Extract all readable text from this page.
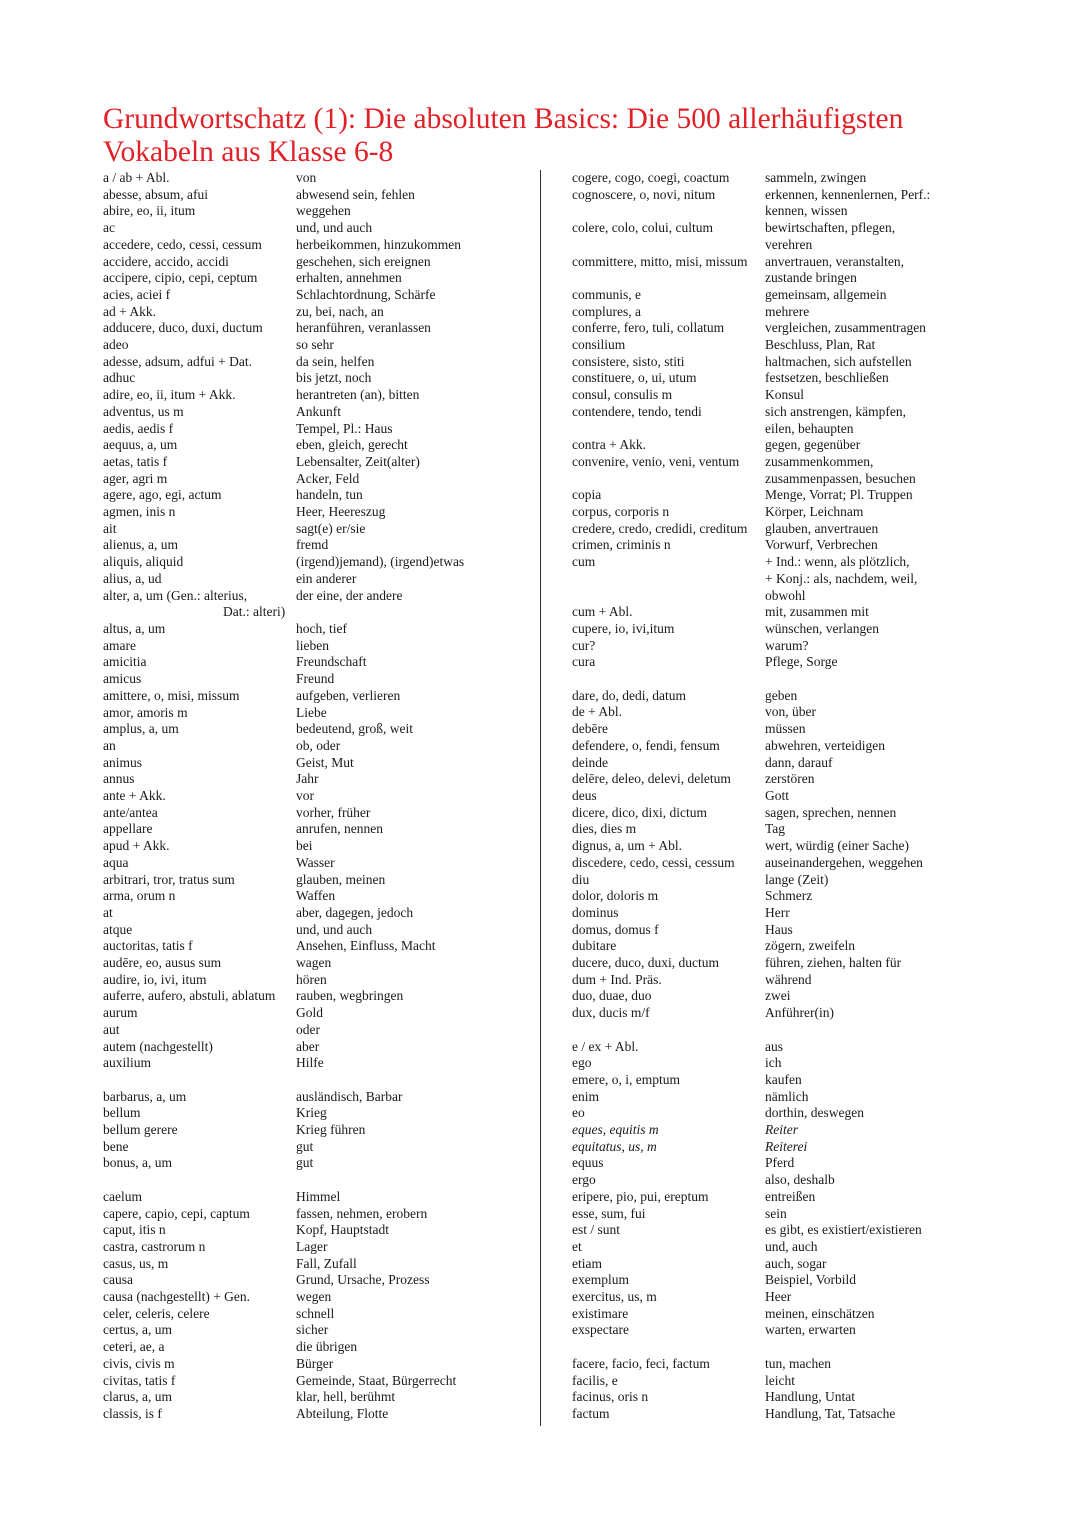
Grundwortschatz (1): Die absoluten Basics: Die 500 allerhäufigsten Vokabeln aus Klasse 6-8
a / ab + Abl.	von
abesse, absum, afui	abwesend sein, fehlen
abire, eo, ii, itum	weggehen
ac	und, und auch
accedere, cedo, cessi, cessum	herbeikommen, hinzukommen
accidere, accido, accidi	geschehen, sich ereignen
accipere, cipio, cepi, ceptum	erhalten, annehmen
acies, aciei f	Schlachtordnung, Schärfe
ad + Akk.	zu, bei, nach, an
adducere, duco, duxi, ductum	heranführen, veranlassen
adeo	so sehr
adesse, adsum, adfui + Dat.	da sein, helfen
adhuc	bis jetzt, noch
adire, eo, ii, itum + Akk.	herantreten (an), bitten
adventus, us m	Ankunft
aedis, aedis f	Tempel, Pl.: Haus
aequus, a, um	eben, gleich, gerecht
aetas, tatis f	Lebensalter, Zeit(alter)
ager, agri m	Acker, Feld
agere, ago, egi, actum	handeln, tun
agmen, inis n	Heer, Heereszug
ait	sagt(e) er/sie
alienus, a, um	fremd
aliquis, aliquid	(irgend)jemand), (irgend)etwas
alius, a, ud	ein anderer
alter, a, um (Gen.: alterius,	der eine, der andere
Dat.: alteri)
altus, a, um	hoch, tief
amare	lieben
amicitia	Freundschaft
amicus	Freund
amittere, o, misi, missum	aufgeben, verlieren
amor, amoris m	Liebe
amplus, a, um	bedeutend, groß, weit
an	ob, oder
animus	Geist, Mut
annus	Jahr
ante + Akk.	vor
ante/antea	vorher, früher
appellare	anrufen, nennen
apud + Akk.	bei
aqua	Wasser
arbitrari, tror, tratus sum	glauben, meinen
arma, orum n	Waffen
at	aber, dagegen, jedoch
atque	und, und auch
auctoritas, tatis f	Ansehen, Einfluss, Macht
audēre, eo, ausus sum	wagen
audire, io, ivi, itum	hören
auferre, aufero, abstuli, ablatum	rauben, wegbringen
aurum	Gold
aut	oder
autem (nachgestellt)	aber
auxilium	Hilfe
barbarus, a, um	ausländisch, Barbar
bellum	Krieg
bellum gerere	Krieg führen
bene	gut
bonus, a, um	gut
caelum	Himmel
capere, capio, cepi, captum	fassen, nehmen, erobern
caput, itis n	Kopf, Hauptstadt
castra, castrorum n	Lager
casus, us, m	Fall, Zufall
causa	Grund, Ursache, Prozess
causa (nachgestellt) + Gen.	wegen
celer, celeris, celere	schnell
certus, a, um	sicher
ceteri, ae, a	die übrigen
civis, civis m	Bürger
civitas, tatis f	Gemeinde, Staat, Bürgerrecht
clarus, a, um	klar, hell, berühmt
classis, is f	Abteilung, Flotte
cogere, cogo, coegi, coactum	sammeln, zwingen
cognoscere, o, novi, nitum	erkennen, kennenlernen, Perf.:
kennen, wissen
colere, colo, colui, cultum	bewirtschaften, pflegen,
verehren
committere, mitto, misi, missum	anvertrauen, veranstalten,
zustande bringen
communis, e	gemeinsam, allgemein
complures, a	mehrere
conferre, fero, tuli, collatum	vergleichen, zusammentragen
consilium	Beschluss, Plan, Rat
consistere, sisto, stiti	haltmachen, sich aufstellen
constituere, o, ui, utum	festsetzen, beschließen
consul, consulis m	Konsul
contendere, tendo, tendi	sich anstrengen, kämpfen,
eilen, behaupten
contra + Akk.	gegen, gegenüber
convenire, venio, veni, ventum	zusammenkommen,
zusammenpassen, besuchen
copia	Menge, Vorrat; Pl. Truppen
corpus, corporis n	Körper, Leichnam
credere, credo, credidi, creditum	glauben, anvertrauen
crimen, criminis n	Vorwurf, Verbrechen
cum	+ Ind.: wenn, als plötzlich,
+ Konj.: als, nachdem, weil,
obwohl
cum + Abl.	mit, zusammen mit
cupere, io, ivi,itum	wünschen, verlangen
cur?	warum?
cura	Pflege, Sorge
dare, do, dedi, datum	geben
de + Abl.	von, über
debēre	müssen
defendere, o, fendi, fensum	abwehren, verteidigen
deinde	dann, darauf
delēre, deleo, delevi, deletum	zerstören
deus	Gott
dicere, dico, dixi, dictum	sagen, sprechen, nennen
dies, dies m	Tag
dignus, a, um + Abl.	wert, würdig (einer Sache)
discedere, cedo, cessi, cessum	auseinandergehen, weggehen
diu	lange (Zeit)
dolor, doloris m	Schmerz
dominus	Herr
domus, domus f	Haus
dubitare	zögern, zweifeln
ducere, duco, duxi, ductum	führen, ziehen, halten für
dum + Ind. Präs.	während
duo, duae, duo	zwei
dux, ducis m/f	Anführer(in)
e / ex + Abl.	aus
ego	ich
emere, o, i, emptum	kaufen
enim	nämlich
eo	dorthin, deswegen
eques, equitis m	Reiter
equitatus, us, m	Reiterei
equus	Pferd
ergo	also, deshalb
eripere, pio, pui, ereptum	entreißen
esse, sum, fui	sein
est / sunt	es gibt, es existiert/existieren
et	und, auch
etiam	auch, sogar
exemplum	Beispiel, Vorbild
exercitus, us, m	Heer
existimare	meinen, einschätzen
exspectare	warten, erwarten
facere, facio, feci, factum	tun, machen
facilis, e	leicht
facinus, oris n	Handlung, Untat
factum	Handlung, Tat, Tatsache
